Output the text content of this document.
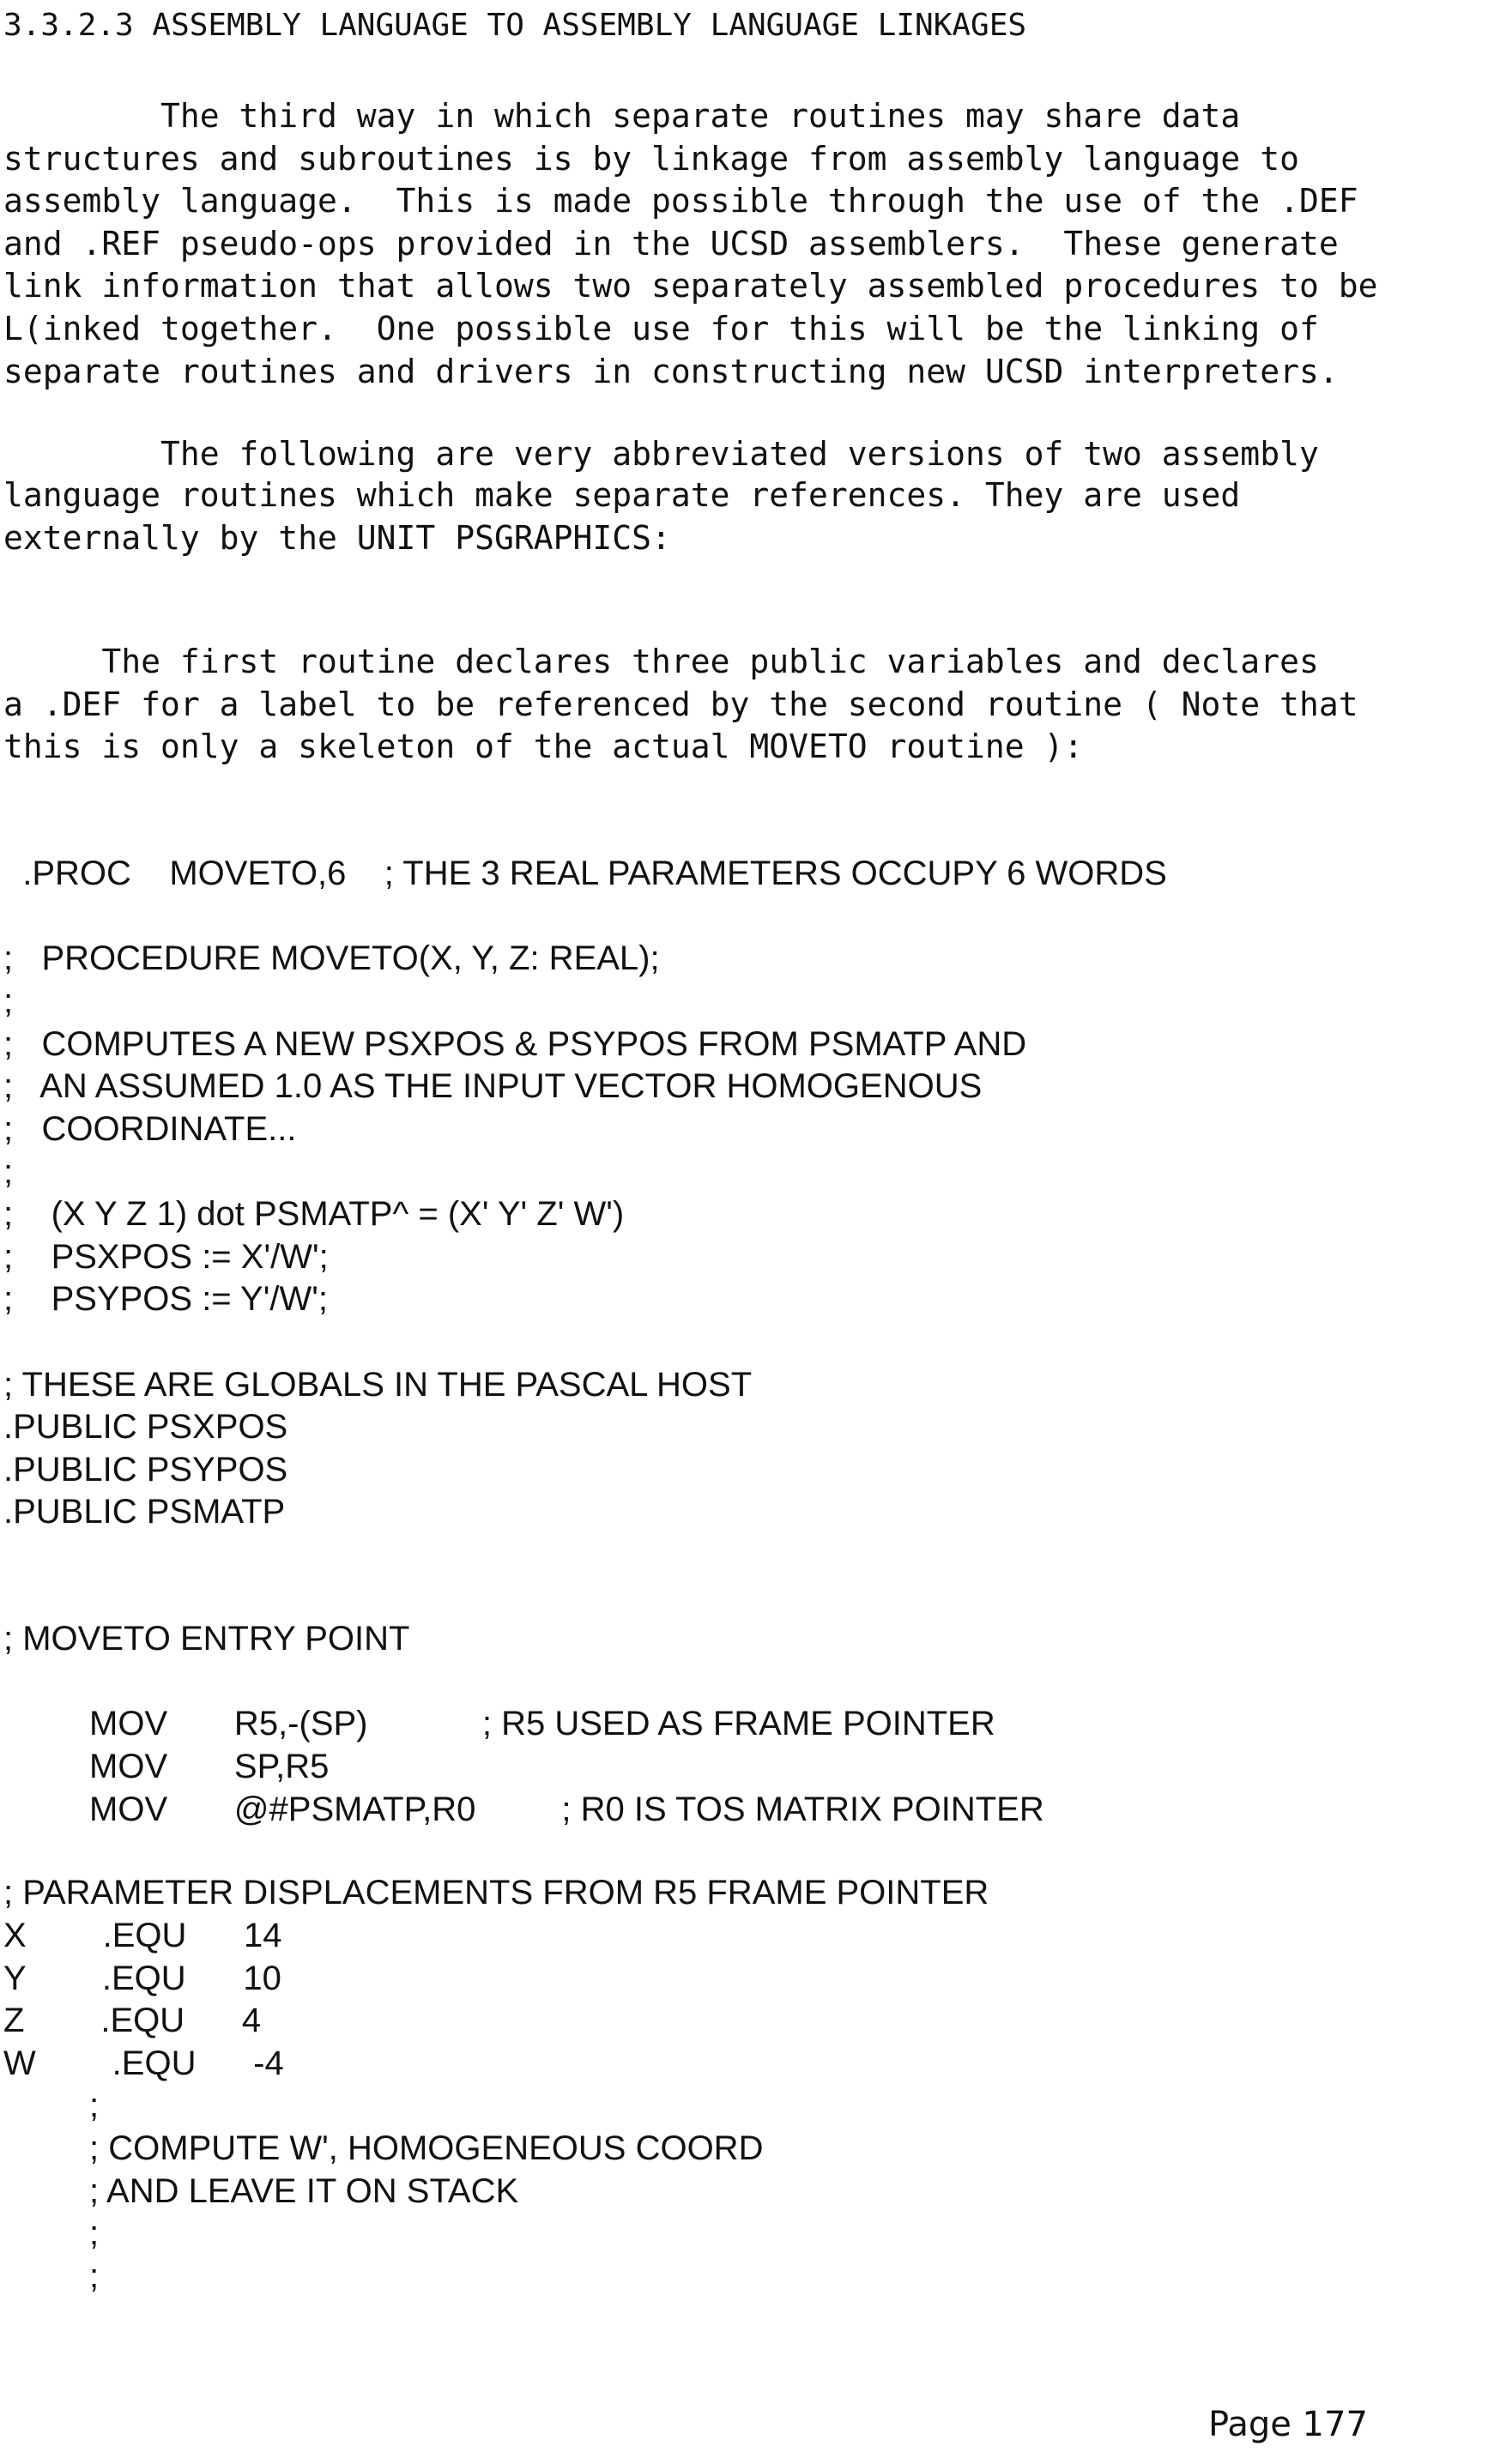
3.3.2.3 ASSEMBLY LANGUAGE TO ASSEMBLY LANGUAGE LINKAGES
The third way in which separate routines may share data
structures and subroutines is by linkage from assembly language to
assembly language.  This is made possible through the use of the .DEF
and .REF pseudo-ops provided in the UCSD assemblers.  These generate
link information that allows two separately assembled procedures to be
L(inked together.  One possible use for this will be the linking of
separate routines and drivers in constructing new UCSD interpreters.
The following are very abbreviated versions of two assembly
language routines which make separate references. They are used
externally by the UNIT PSGRAPHICS:
The first routine declares three public variables and declares
a .DEF for a label to be referenced by the second routine ( Note that
this is only a skeleton of the actual MOVETO routine ):
.PROC    MOVETO,6    ; THE 3 REAL PARAMETERS OCCUPY 6 WORDS
;   PROCEDURE MOVETO(X, Y, Z: REAL);
;
;   COMPUTES A NEW PSXPOS & PSYPOS FROM PSMATP AND
;   AN ASSUMED 1.0 AS THE INPUT VECTOR HOMOGENOUS
;   COORDINATE...
;
;    (X Y Z 1) dot PSMATP^ = (X' Y' Z' W')
;    PSXPOS := X'/W';
;    PSYPOS := Y'/W';
; THESE ARE GLOBALS IN THE PASCAL HOST
.PUBLIC PSXPOS
.PUBLIC PSYPOS
.PUBLIC PSMATP
; MOVETO ENTRY POINT
MOV       R5,-(SP)            ; R5 USED AS FRAME POINTER
MOV       SP,R5
MOV       @#PSMATP,R0         ; R0 IS TOS MATRIX POINTER
; PARAMETER DISPLACEMENTS FROM R5 FRAME POINTER
X        .EQU      14
Y        .EQU      10
Z        .EQU      4
W        .EQU      -4
;
; COMPUTE W', HOMOGENEOUS COORD
; AND LEAVE IT ON STACK
;
;
Page 177
